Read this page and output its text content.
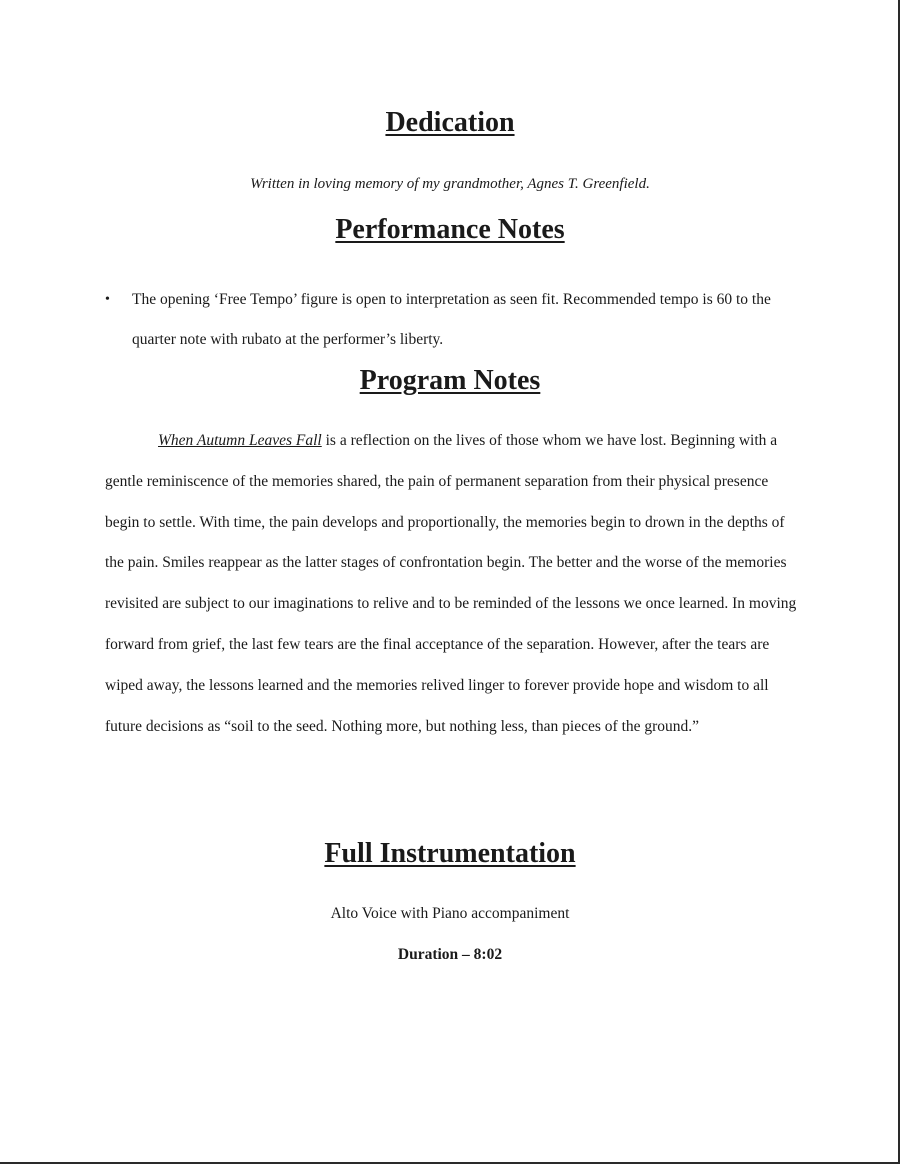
Dedication
Written in loving memory of my grandmother, Agnes T. Greenfield.
Performance Notes
• The opening ‘Free Tempo’ figure is open to interpretation as seen fit. Recommended tempo is 60 to the quarter note with rubato at the performer’s liberty.
Program Notes

When Autumn Leaves Fall is a reflection on the lives of those whom we have lost. Beginning with a gentle reminiscence of the memories shared, the pain of permanent separation from their physical presence begin to settle. With time, the pain develops and proportionally, the memories begin to drown in the depths of the pain. Smiles reappear as the latter stages of confrontation begin. The better and the worse of the memories revisited are subject to our imaginations to relive and to be reminded of the lessons we once learned. In moving forward from grief, the last few tears are the final acceptance of the separation. However, after the tears are wiped away, the lessons learned and the memories relived linger to forever provide hope and wisdom to all future decisions as “soil to the seed. Nothing more, but nothing less, than pieces of the ground.”

Full Instrumentation
Alto Voice with Piano accompaniment
Duration – 8:02
